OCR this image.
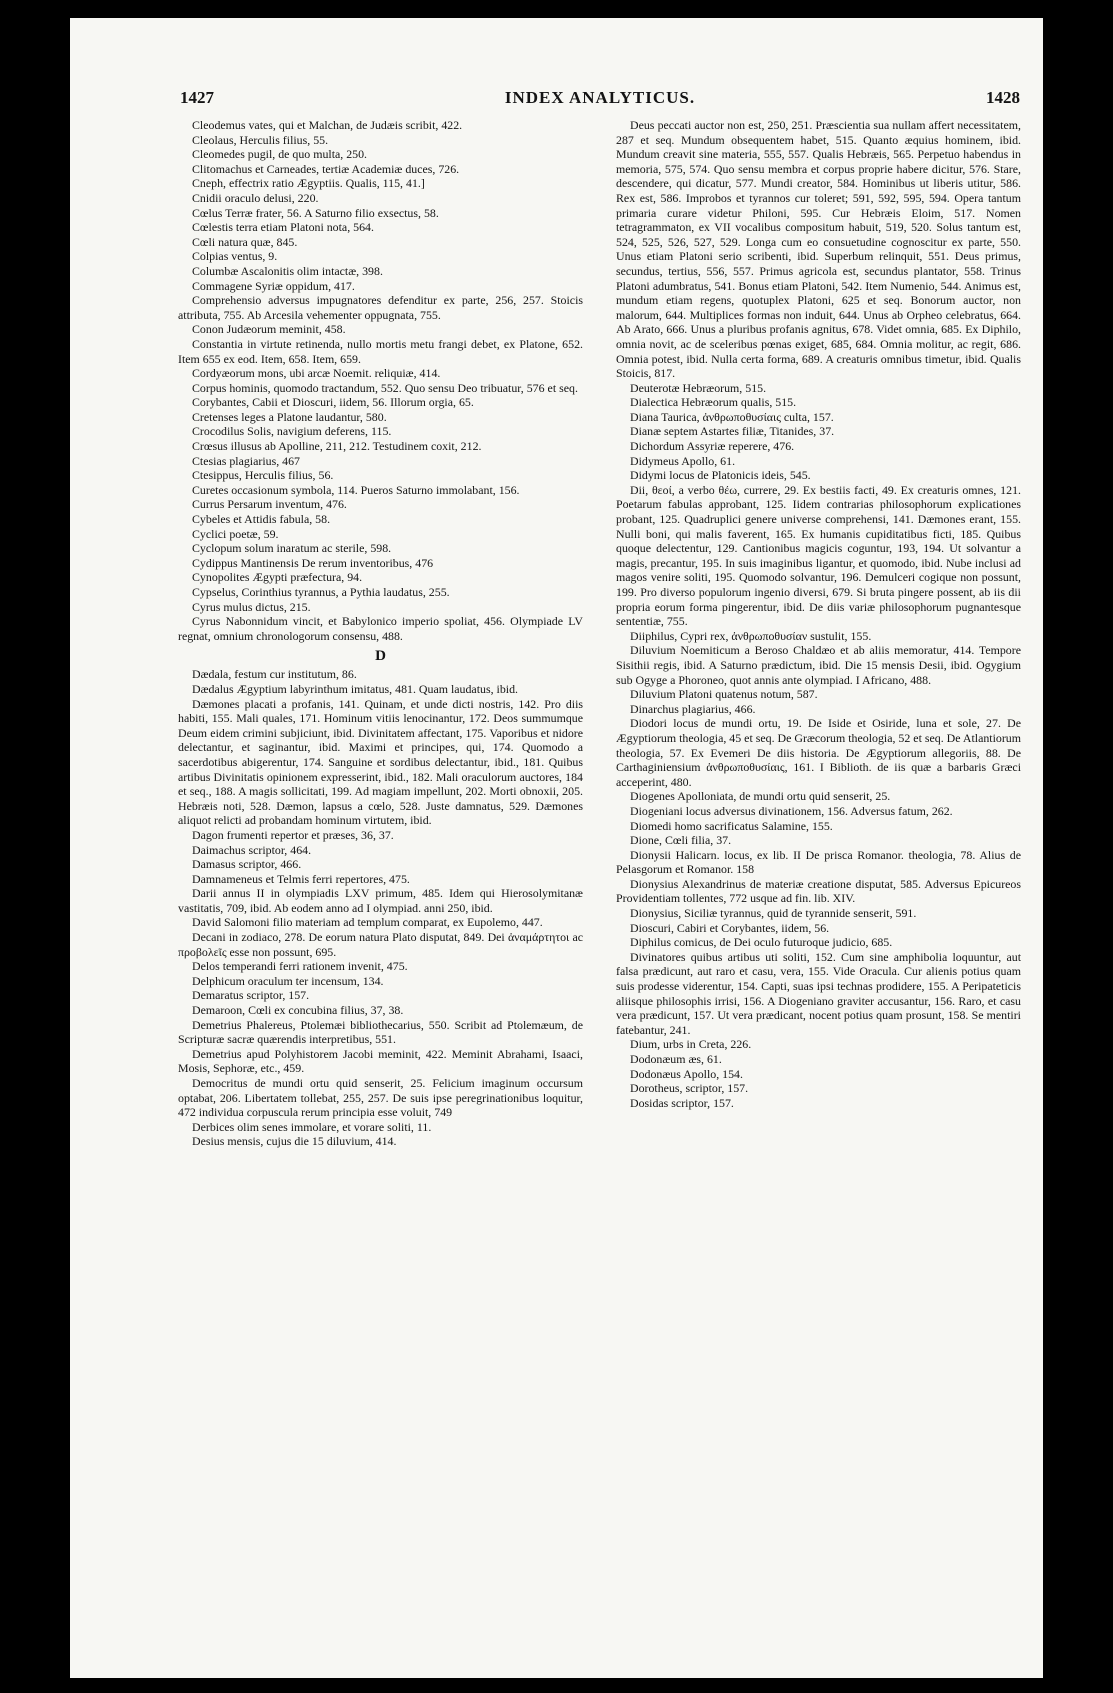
1427	INDEX ANALYTICUS.	1428

Cleodemus vates, qui et Malchan, de Judæis scribit, 422.

Cleolaus, Herculis filius, 55.

Cleomedes pugil, de quo multa, 250.

Clitomachus et Carneades, tertiæ Academiæ duces, 726.

Cneph, effectrix ratio Ægyptiis. Qualis, 115, 41.]

Cnidii oraculo delusi, 220.

Cœlus Terræ frater, 56. A Saturno filio exsectus, 58.

Cœlestis terra etiam Platoni nota, 564.

Cœli natura quæ, 845.

Colpias ventus, 9.

Columbæ Ascalonitis olim intactæ, 398.

Commagene Syriæ oppidum, 417.

Comprehensio adversus impugnatores defenditur ex parte, 256, 257. Stoicis attributa, 755. Ab Arcesila vehementer oppugnata, 755.

Conon Judæorum meminit, 458.

Constantia in virtute retinenda, nullo mortis metu frangi debet, ex Platone, 652. Item 655 ex eod. Item, 658. Item, 659.

Cordyæorum mons, ubi arcæ Noemit. reliquiæ, 414.

Corpus hominis, quomodo tractandum, 552. Quo sensu Deo tribuatur, 576 et seq.

Corybantes, Cabii et Dioscuri, iidem, 56. Illorum orgia, 65.

Cretenses leges a Platone laudantur, 580.

Crocodilus Solis, navigium deferens, 115.

Crœsus illusus ab Apolline, 211, 212. Testudinem coxit, 212.

Ctesias plagiarius, 467

Ctesippus, Herculis filius, 56.

Curetes occasionum symbola, 114. Pueros Saturno immolabant, 156.

Currus Persarum inventum, 476.

Cybeles et Attidis fabula, 58.

Cyclici poetæ, 59.

Cyclopum solum inaratum ac sterile, 598.

Cydippus Mantinensis De rerum inventoribus, 476

Cynopolites Ægypti præfectura, 94.

Cypselus, Corinthius tyrannus, a Pythia laudatus, 255.

Cyrus mulus dictus, 215.

Cyrus Nabonnidum vincit, et Babylonico imperio spoliat, 456. Olympiade LV regnat, omnium chronologorum consensu, 488.

D

Dædala, festum cur institutum, 86.

Dædalus Ægyptium labyrinthum imitatus, 481. Quam laudatus, ibid.

Dæmones placati a profanis, 141. Quinam, et unde dicti nostris, 142. Pro diis habiti, 155. Mali quales, 171. Hominum vitiis lenocinantur, 172. Deos summumque Deum eidem crimini subjiciunt, ibid. Divinitatem affectant, 175. Vaporibus et nidore delectantur, et saginantur, ibid. Maximi et principes, qui, 174. Quomodo a sacerdotibus abigerentur, 174. Sanguine et sordibus delectantur, ibid., 181. Quibus artibus Divinitatis opinionem expresserint, ibid., 182. Mali oraculorum auctores, 184 et seq., 188. A magis sollicitati, 199. Ad magiam impellunt, 202. Morti obnoxii, 205. Hebræis noti, 528. Dæmon, lapsus a cœlo, 528. Juste damnatus, 529. Dæmones aliquot relicti ad probandam hominum virtutem, ibid.

Dagon frumenti repertor et præses, 36, 37.

Daimachus scriptor, 464.

Damasus scriptor, 466.

Damnameneus et Telmis ferri repertores, 475.

Darii annus II in olympiadis LXV primum, 485. Idem qui Hierosolymitanæ vastitatis, 709, ibid. Ab eodem anno ad I olympiad. anni 250, ibid.

David Salomoni filio materiam ad templum comparat, ex Eupolemo, 447.

Decani in zodiaco, 278. De eorum natura Plato disputat, 849. Dei ἀναμάρτητοι ac προβολεῖς esse non possunt, 695.

Delos temperandi ferri rationem invenit, 475.

Delphicum oraculum ter incensum, 134.

Demaratus scriptor, 157.

Demaroon, Cœli ex concubina filius, 37, 38.

Demetrius Phalereus, Ptolemæi bibliothecarius, 550. Scribit ad Ptolemæum, de Scripturæ sacræ quærendis interpretibus, 551.

Demetrius apud Polyhistorem Jacobi meminit, 422. Meminit Abrahami, Isaaci, Mosis, Sephoræ, etc., 459.

Democritus de mundi ortu quid senserit, 25. Felicium imaginum occursum optabat, 206. Libertatem tollebat, 255, 257. De suis ipse peregrinationibus loquitur, 472 individua corpuscula rerum principia esse voluit, 749

Derbices olim senes immolare, et vorare soliti, 11.

Desius mensis, cujus die 15 diluvium, 414.

Deus peccati auctor non est, 250, 251. Præscientia sua nullam affert necessitatem, 287 et seq. Mundum obsequentem habet, 515. Quanto æquius hominem, ibid. Mundum creavit sine materia, 555, 557. Qualis Hebræis, 565. Perpetuo habendus in memoria, 575, 574. Quo sensu membra et corpus proprie habere dicitur, 576. Stare, descendere, qui dicatur, 577. Mundi creator, 584. Hominibus ut liberis utitur, 586. Rex est, 586. Improbos et tyrannos cur toleret; 591, 592, 595, 594. Opera tantum primaria curare videtur Philoni, 595. Cur Hebræis Eloim, 517. Nomen tetragrammaton, ex VII vocalibus compositum habuit, 519, 520. Solus tantum est, 524, 525, 526, 527, 529. Longa cum eo consuetudine cognoscitur ex parte, 550. Unus etiam Platoni serio scribenti, ibid. Superbum relinquit, 551. Deus primus, secundus, tertius, 556, 557. Primus agricola est, secundus plantator, 558. Trinus Platoni adumbratus, 541. Bonus etiam Platoni, 542. Item Numenio, 544. Animus est, mundum etiam regens, quotuplex Platoni, 625 et seq. Bonorum auctor, non malorum, 644. Multiplices formas non induit, 644. Unus ab Orpheo celebratus, 664. Ab Arato, 666. Unus a pluribus profanis agnitus, 678. Videt omnia, 685. Ex Diphilo, omnia novit, ac de sceleribus pœnas exiget, 685, 684. Omnia molitur, ac regit, 686. Omnia potest, ibid. Nulla certa forma, 689. A creaturis omnibus timetur, ibid. Qualis Stoicis, 817.

Deuterotæ Hebræorum, 515.

Dialectica Hebræorum qualis, 515.

Diana Taurica, ἀνθρωποθυσίαις culta, 157.

Dianæ septem Astartes filiæ, Titanides, 37.

Dichordum Assyriæ reperere, 476.

Didymeus Apollo, 61.

Didymi locus de Platonicis ideis, 545.

Dii, θεοί, a verbo θέω, currere, 29. Ex bestiis facti, 49. Ex creaturis omnes, 121. Poetarum fabulas approbant, 125. Iidem contrarias philosophorum explicationes probant, 125. Quadruplici genere universe comprehensi, 141. Dæmones erant, 155. Nulli boni, qui malis faverent, 165. Ex humanis cupiditatibus ficti, 185. Quibus quoque delectentur, 129. Cantionibus magicis coguntur, 193, 194. Ut solvantur a magis, precantur, 195. In suis imaginibus ligantur, et quomodo, ibid. Nube inclusi ad magos venire soliti, 195. Quomodo solvantur, 196. Demulceri cogique non possunt, 199. Pro diverso populorum ingenio diversi, 679. Si bruta pingere possent, ab iis dii propria eorum forma pingerentur, ibid. De diis variæ philosophorum pugnantesque sententiæ, 755.

Diiphilus, Cypri rex, ἀνθρωποθυσίαν sustulit, 155.

Diluvium Noemiticum a Beroso Chaldæo et ab aliis memoratur, 414. Tempore Sisithii regis, ibid. A Saturno prædictum, ibid. Die 15 mensis Desii, ibid. Ogygium sub Ogyge a Phoroneo, quot annis ante olympiad. I Africano, 488.

Diluvium Platoni quatenus notum, 587.

Dinarchus plagiarius, 466.

Diodori locus de mundi ortu, 19. De Iside et Osiride, luna et sole, 27. De Ægyptiorum theologia, 45 et seq. De Græcorum theologia, 52 et seq. De Atlantiorum theologia, 57. Ex Evemeri De diis historia. De Ægyptiorum allegoriis, 88. De Carthaginiensium ἀνθρωποθυσίαις, 161. I Biblioth. de iis quæ a barbaris Græci acceperint, 480.

Diogenes Apolloniata, de mundi ortu quid senserit, 25.

Diogeniani locus adversus divinationem, 156. Adversus fatum, 262.

Diomedi homo sacrificatus Salamine, 155.

Dione, Cœli filia, 37.

Dionysii Halicarn. locus, ex lib. II De prisca Romanor. theologia, 78. Alius de Pelasgorum et Romanor. 158

Dionysius Alexandrinus de materiæ creatione disputat, 585. Adversus Epicureos Providentiam tollentes, 772 usque ad fin. lib. XIV.

Dionysius, Siciliæ tyrannus, quid de tyrannide senserit, 591.

Dioscuri, Cabiri et Corybantes, iidem, 56.

Diphilus comicus, de Dei oculo futuroque judicio, 685.

Divinatores quibus artibus uti soliti, 152. Cum sine amphibolia loquuntur, aut falsa prædicunt, aut raro et casu, vera, 155. Vide Oracula. Cur alienis potius quam suis prodesse viderentur, 154. Capti, suas ipsi technas prodidere, 155. A Peripateticis aliisque philosophis irrisi, 156. A Diogeniano graviter accusantur, 156. Raro, et casu vera prædicunt, 157. Ut vera prædicant, nocent potius quam prosunt, 158. Se mentiri fatebantur, 241.

Dium, urbs in Creta, 226.

Dodonæum æs, 61.

Dodonæus Apollo, 154.

Dorotheus, scriptor, 157.

Dosidas scriptor, 157.
